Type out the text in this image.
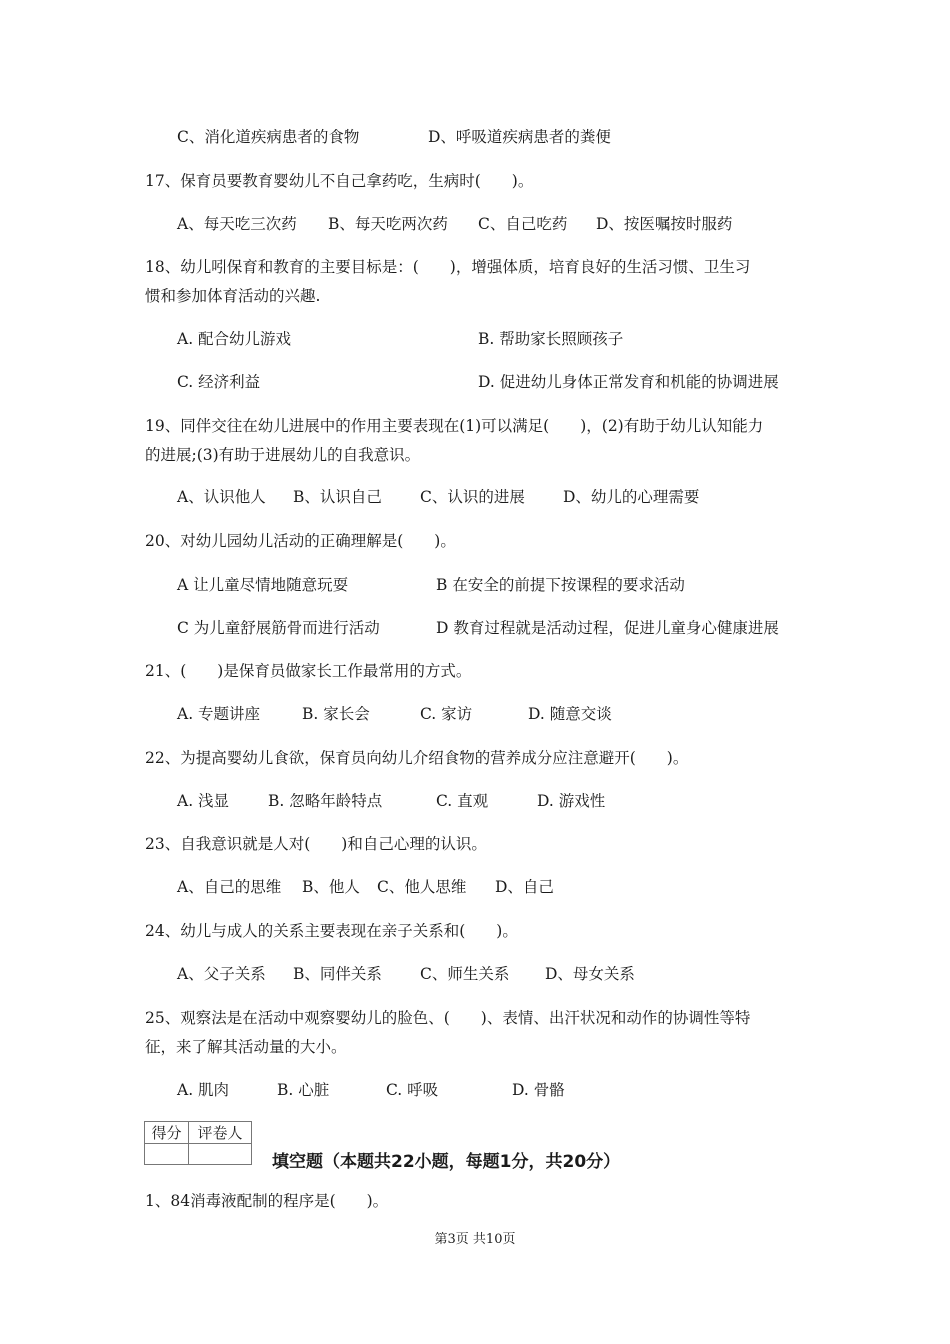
C、消化道疾病患者的食物	D、呼吸道疾病患者的粪便
17、保育员要教育婴幼儿不自己拿药吃，生病时(　　)。
A、每天吃三次药 B、每天吃两次药 C、自己吃药 D、按医嘱按时服药
18、幼儿吲保育和教育的主要目标是：(　　)，增强体质，培育良好的生活习惯、卫生习
惯和参加体育活动的兴趣.
A. 配合幼儿游戏	B. 帮助家长照顾孩子
C. 经济利益	D. 促进幼儿身体正常发育和机能的协调进展
19、同伴交往在幼儿进展中的作用主要表现在(1)可以满足(　　)，(2)有助于幼儿认知能力
的进展;(3)有助于进展幼儿的自我意识。
A、认识他人 B、认识自己 C、认识的进展 D、幼儿的心理需要
20、对幼儿园幼儿活动的正确理解是(　　)。
A 让儿童尽情地随意玩耍	B 在安全的前提下按课程的要求活动
C 为儿童舒展筋骨而进行活动	D 教育过程就是活动过程，促进儿童身心健康进展
21、(　　)是保育员做家长工作最常用的方式。
A. 专题讲座	B. 家长会	C. 家访	D. 随意交谈
22、为提高婴幼儿食欲，保育员向幼儿介绍食物的营养成分应注意避开(　　)。
A. 浅显	B. 忽略年龄特点	C. 直观	D. 游戏性
23、自我意识就是人对(　　)和自己心理的认识。
A、自己的思维 B、他人 C、他人思维 D、自己
24、幼儿与成人的关系主要表现在亲子关系和(　　)。
A、父子关系 B、同伴关系 C、师生关系 D、母女关系
25、观察法是在活动中观察婴幼儿的脸色、(　　)、表情、出汗状况和动作的协调性等特
征，来了解其活动量的大小。
A. 肌肉	B. 心脏	C. 呼吸	D. 骨骼
得分	评卷人

填空题（本题共22小题，每题1分，共20分）
1、84消毒液配制的程序是(　　)。
第3页 共10页
